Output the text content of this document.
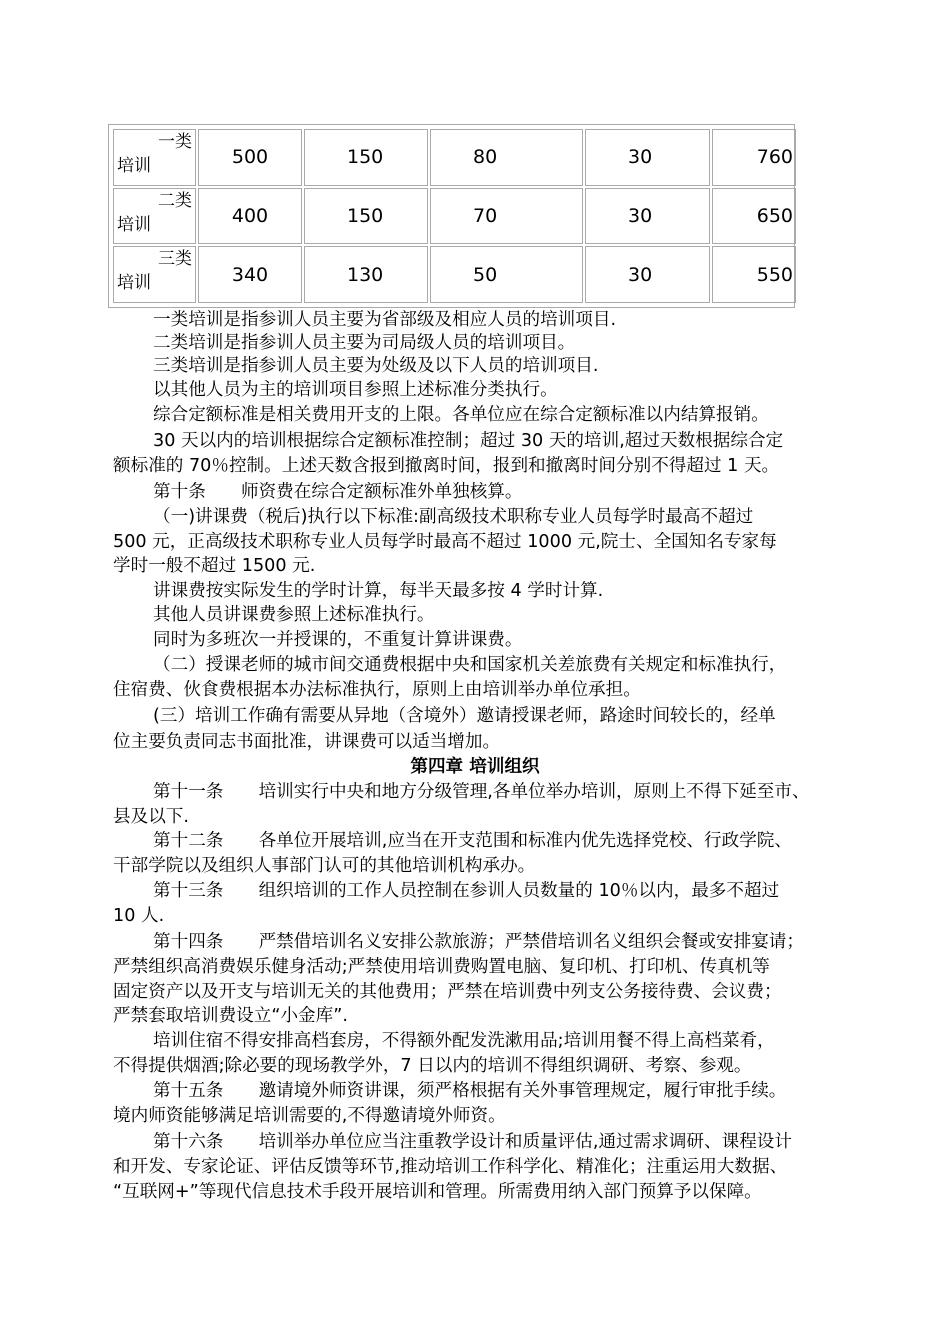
一类
培训	500	150	80	30	760

二类
培训	400	150	70	30	650

三类
培训	340	130	50	30	550

一类培训是指参训人员主要为省部级及相应人员的培训项目.

二类培训是指参训人员主要为司局级人员的培训项目。

三类培训是指参训人员主要为处级及以下人员的培训项目.

以其他人员为主的培训项目参照上述标准分类执行。

综合定额标准是相关费用开支的上限。各单位应在综合定额标准以内结算报销。

30 天以内的培训根据综合定额标准控制；超过 30 天的培训,超过天数根据综合定

额标准的 70％控制。上述天数含报到撤离时间，报到和撤离时间分别不得超过 1 天。

第十条　　师资费在综合定额标准外单独核算。

（一)讲课费（税后)执行以下标准:副高级技术职称专业人员每学时最高不超过

500 元，正高级技术职称专业人员每学时最高不超过 1000 元,院士、全国知名专家每

学时一般不超过 1500 元.

讲课费按实际发生的学时计算，每半天最多按 4 学时计算.

其他人员讲课费参照上述标准执行。

同时为多班次一并授课的，不重复计算讲课费。

（二）授课老师的城市间交通费根据中央和国家机关差旅费有关规定和标准执行，

住宿费、伙食费根据本办法标准执行，原则上由培训举办单位承担。

(三）培训工作确有需要从异地（含境外）邀请授课老师，路途时间较长的，经单

位主要负责同志书面批准，讲课费可以适当增加。

第四章 培训组织

第十一条　　培训实行中央和地方分级管理,各单位举办培训，原则上不得下延至市、

县及以下.

第十二条　　各单位开展培训,应当在开支范围和标准内优先选择党校、行政学院、

干部学院以及组织人事部门认可的其他培训机构承办。

第十三条　　组织培训的工作人员控制在参训人员数量的 10％以内，最多不超过

10 人.

第十四条　　严禁借培训名义安排公款旅游；严禁借培训名义组织会餐或安排宴请；

严禁组织高消费娱乐健身活动;严禁使用培训费购置电脑、复印机、打印机、传真机等

固定资产以及开支与培训无关的其他费用；严禁在培训费中列支公务接待费、会议费；

严禁套取培训费设立“小金库”.

培训住宿不得安排高档套房，不得额外配发洗漱用品;培训用餐不得上高档菜肴，

不得提供烟酒;除必要的现场教学外，7 日以内的培训不得组织调研、考察、参观。

第十五条　　邀请境外师资讲课，须严格根据有关外事管理规定，履行审批手续。

境内师资能够满足培训需要的,不得邀请境外师资。

第十六条　　培训举办单位应当注重教学设计和质量评估,通过需求调研、课程设计

和开发、专家论证、评估反馈等环节,推动培训工作科学化、精准化；注重运用大数据、

“互联网+”等现代信息技术手段开展培训和管理。所需费用纳入部门预算予以保障。
